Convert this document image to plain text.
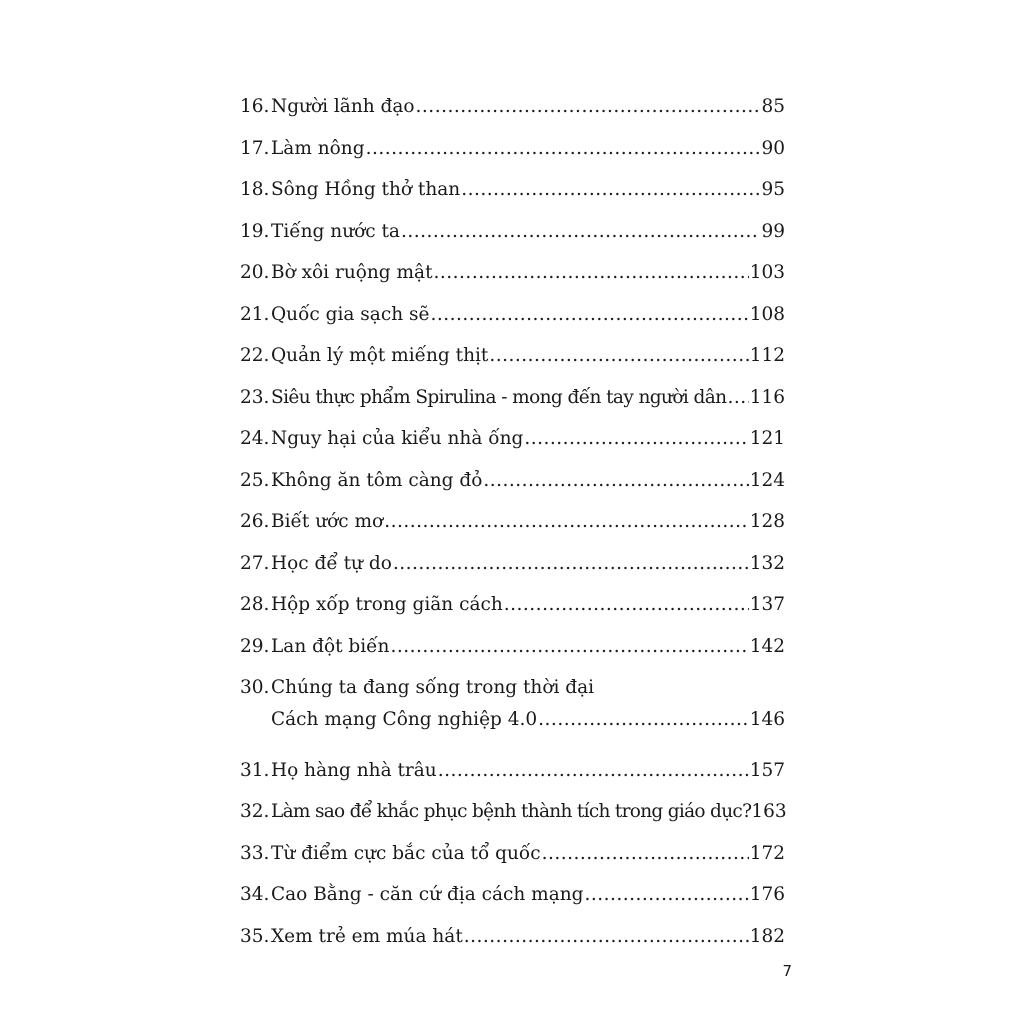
16. Người lãnh đạo .....	85
17. Làm nông .....	90
18. Sông Hồng thở than .....	95
19. Tiếng nước ta .....	99
20. Bờ xôi ruộng mật .....	103
21. Quốc gia sạch sẽ .....	108
22. Quản lý một miếng thịt .....	112
23. Siêu thực phẩm Spirulina - mong đến tay người dân ..... 116
24. Nguy hại của kiểu nhà ống .....	121
25. Không ăn tôm càng đỏ .....	124
26. Biết ước mơ .....	128
27. Học để tự do .....	132
28. Hộp xốp trong giãn cách .....	137
29. Lan đột biến .....	142
30. Chúng ta đang sống trong thời đại
Cách mạng Công nghiệp 4.0 .....	146
31. Họ hàng nhà trâu .....	157
32. Làm sao để khắc phục bệnh thành tích trong giáo dục? 163
33. Từ điểm cực bắc của tổ quốc .....	172
34. Cao Bằng - căn cứ địa cách mạng .....	176
35. Xem trẻ em múa hát .....	182
7
